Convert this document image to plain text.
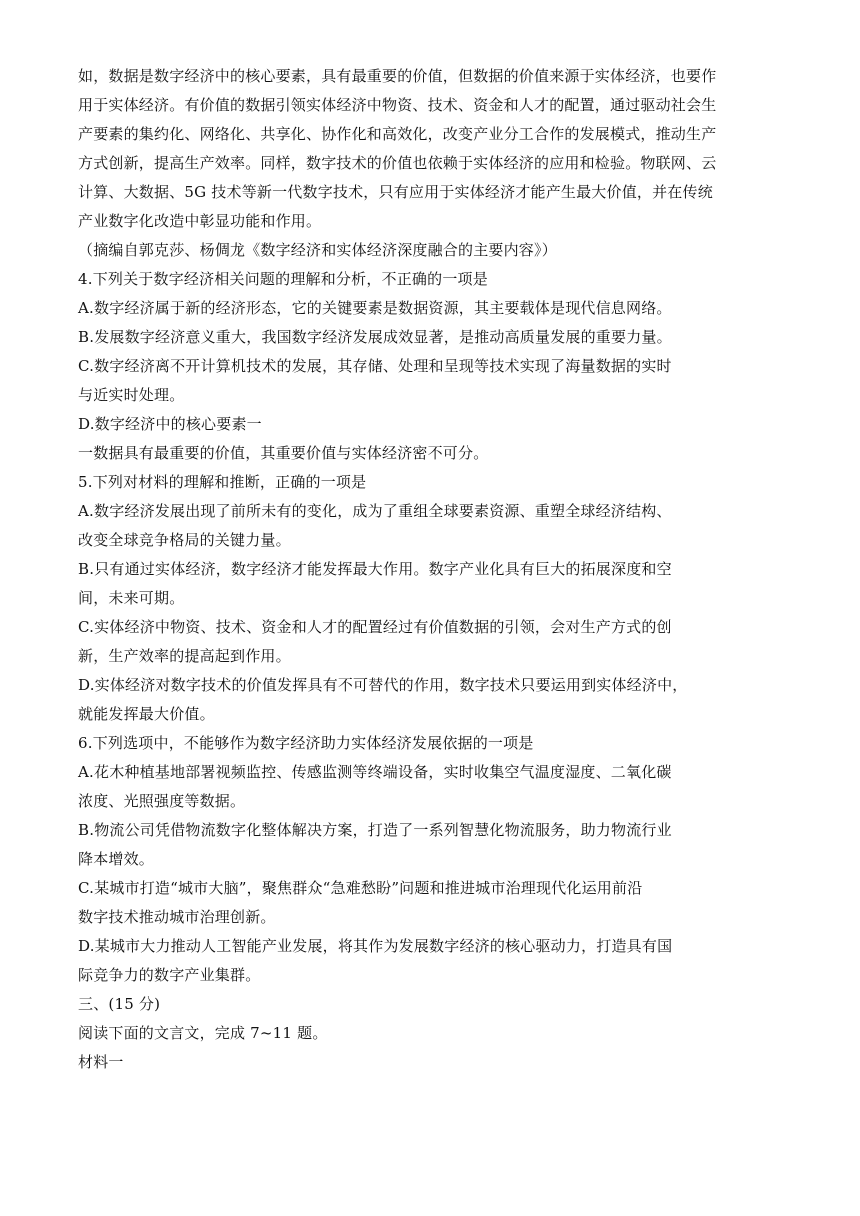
如，数据是数字经济中的核心要素，具有最重要的价值，但数据的价值来源于实体经济，也要作
用于实体经济。有价值的数据引领实体经济中物资、技术、资金和人才的配置，通过驱动社会生
产要素的集约化、网络化、共享化、协作化和高效化，改变产业分工合作的发展模式，推动生产
方式创新，提高生产效率。同样，数字技术的价值也依赖于实体经济的应用和检验。物联网、云
计算、大数据、5G 技术等新一代数字技术，只有应用于实体经济才能产生最大价值，并在传统
产业数字化改造中彰显功能和作用。
（摘编自郭克莎、杨倜龙《数字经济和实体经济深度融合的主要内容》）
4.下列关于数字经济相关问题的理解和分析，不正确的一项是
A.数字经济属于新的经济形态，它的关键要素是数据资源，其主要载体是现代信息网络。
B.发展数字经济意义重大，我国数字经济发展成效显著，是推动高质量发展的重要力量。
C.数字经济离不开计算机技术的发展，其存储、处理和呈现等技术实现了海量数据的实时
与近实时处理。
D.数字经济中的核心要素一
一数据具有最重要的价值，其重要价值与实体经济密不可分。
5.下列对材料的理解和推断，正确的一项是
A.数字经济发展出现了前所未有的变化，成为了重组全球要素资源、重塑全球经济结构、
改变全球竞争格局的关键力量。
B.只有通过实体经济，数字经济才能发挥最大作用。数字产业化具有巨大的拓展深度和空
间，未来可期。
C.实体经济中物资、技术、资金和人才的配置经过有价值数据的引领，会对生产方式的创
新，生产效率的提高起到作用。
D.实体经济对数字技术的价值发挥具有不可替代的作用，数字技术只要运用到实体经济中，
就能发挥最大价值。
6.下列选项中，不能够作为数字经济助力实体经济发展依据的一项是
A.花木种植基地部署视频监控、传感监测等终端设备，实时收集空气温度湿度、二氧化碳
浓度、光照强度等数据。
B.物流公司凭借物流数字化整体解决方案，打造了一系列智慧化物流服务，助力物流行业
降本增效。
C.某城市打造“城市大脑”，聚焦群众“急难愁盼”问题和推进城市治理现代化运用前沿
数字技术推动城市治理创新。
D.某城市大力推动人工智能产业发展，将其作为发展数字经济的核心驱动力，打造具有国
际竞争力的数字产业集群。
三、(15 分)
阅读下面的文言文，完成 7~11 题。
材料一
